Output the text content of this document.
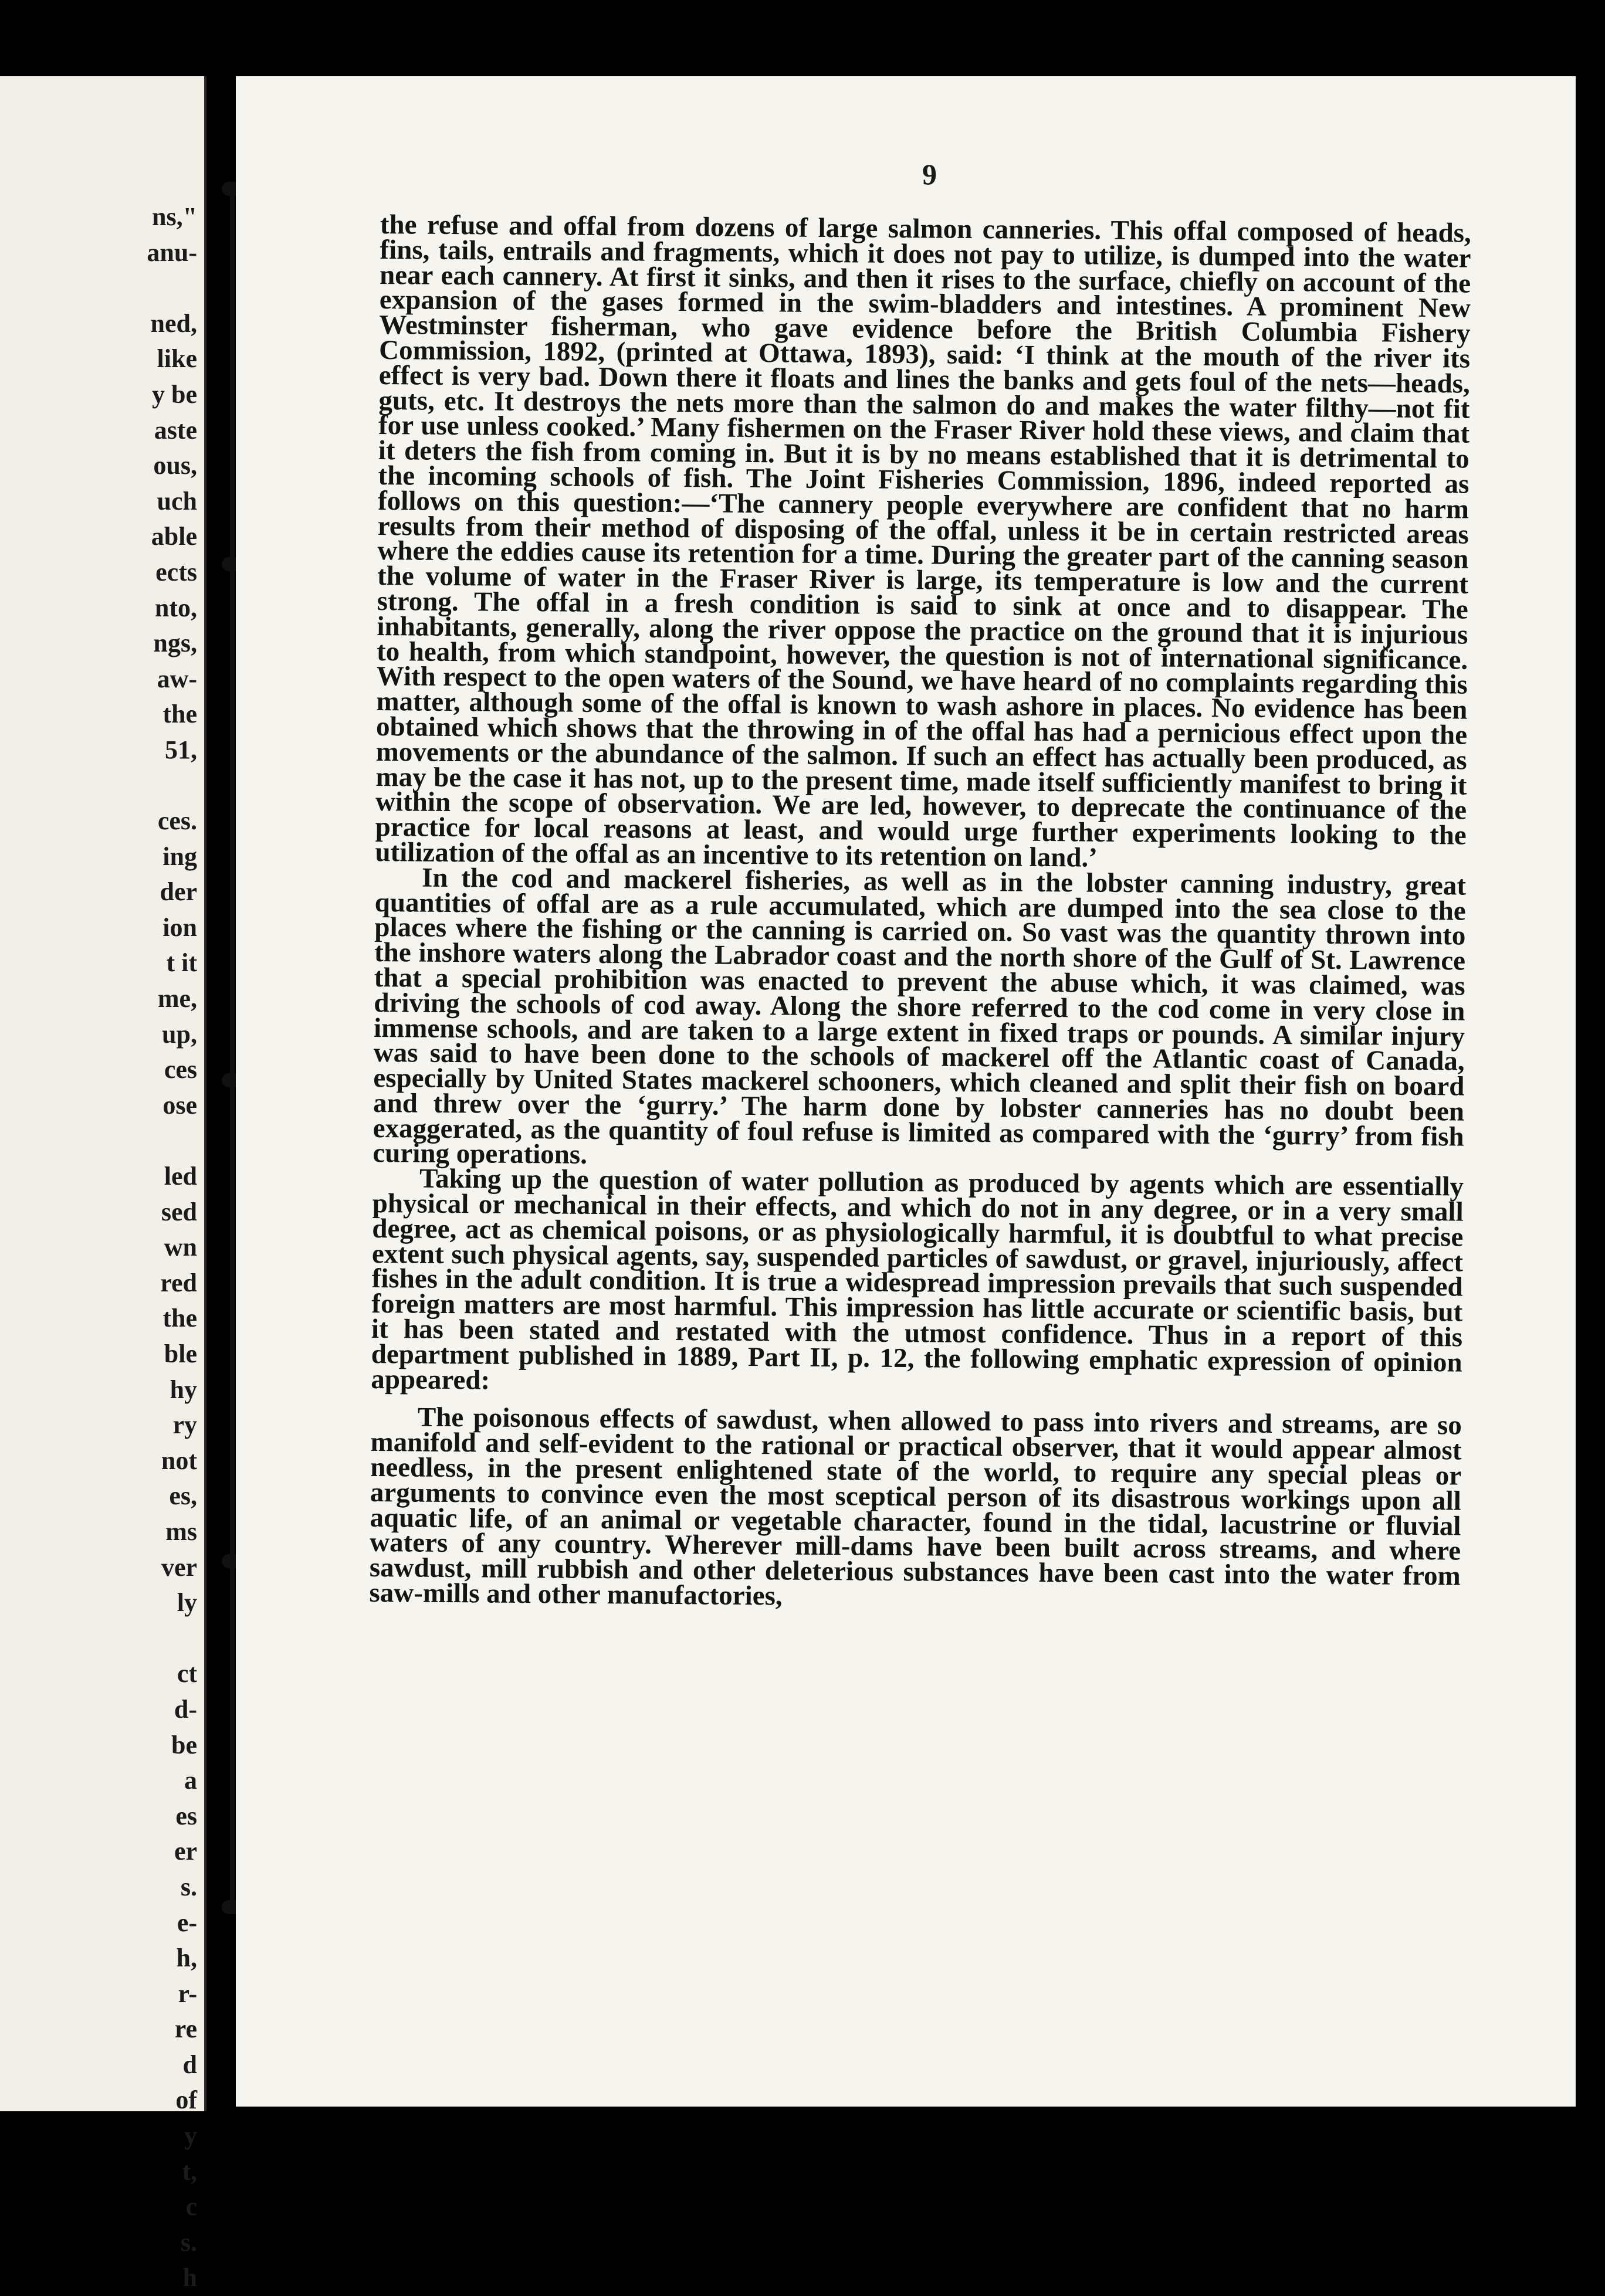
ns,"
anu-
ned,
like
y be
aste
ous,
uch
able
ects
nto,
ngs,
aw-
the
51,
ces.
ing
der
ion
t it
me,
up,
ces
ose
led
sed
wn
red
the
ble
hy
ry
not
es,
ms
ver
ly
ct
d-
be
a
es
er
s.
e-
h,
r-
re
d
of
y
t,
c
s.
h
9

the refuse and offal from dozens of large salmon canneries. This offal composed of heads, fins, tails, entrails and fragments, which it does not pay to utilize, is dumped into the water near each cannery. At first it sinks, and then it rises to the surface, chiefly on account of the expansion of the gases formed in the swim-bladders and intestines. A prominent New Westminster fisherman, who gave evidence before the British Columbia Fishery Commission, 1892, (printed at Ottawa, 1893), said: ‘I think at the mouth of the river its effect is very bad. Down there it floats and lines the banks and gets foul of the nets—heads, guts, etc. It destroys the nets more than the salmon do and makes the water filthy—not fit for use unless cooked.’ Many fishermen on the Fraser River hold these views, and claim that it deters the fish from coming in. But it is by no means established that it is detrimental to the incoming schools of fish. The Joint Fisheries Commission, 1896, indeed reported as follows on this question:—‘The cannery people everywhere are confident that no harm results from their method of disposing of the offal, unless it be in certain restricted areas where the eddies cause its retention for a time. During the greater part of the canning season the volume of water in the Fraser River is large, its temperature is low and the current strong. The offal in a fresh condition is said to sink at once and to disappear. The inhabitants, generally, along the river oppose the practice on the ground that it is injurious to health, from which standpoint, however, the question is not of international significance. With respect to the open waters of the Sound, we have heard of no complaints regarding this matter, although some of the offal is known to wash ashore in places. No evidence has been obtained which shows that the throwing in of the offal has had a pernicious effect upon the movements or the abundance of the salmon. If such an effect has actually been produced, as may be the case it has not, up to the present time, made itself sufficiently manifest to bring it within the scope of observation. We are led, however, to deprecate the continuance of the practice for local reasons at least, and would urge further experiments looking to the utilization of the offal as an incentive to its retention on land.’

In the cod and mackerel fisheries, as well as in the lobster canning industry, great quantities of offal are as a rule accumulated, which are dumped into the sea close to the places where the fishing or the canning is carried on. So vast was the quantity thrown into the inshore waters along the Labrador coast and the north shore of the Gulf of St. Lawrence that a special prohibition was enacted to prevent the abuse which, it was claimed, was driving the schools of cod away. Along the shore referred to the cod come in very close in immense schools, and are taken to a large extent in fixed traps or pounds. A similar injury was said to have been done to the schools of mackerel off the Atlantic coast of Canada, especially by United States mackerel schooners, which cleaned and split their fish on board and threw over the ‘gurry.’ The harm done by lobster canneries has no doubt been exaggerated, as the quantity of foul refuse is limited as compared with the ‘gurry’ from fish curing operations.

Taking up the question of water pollution as produced by agents which are essentially physical or mechanical in their effects, and which do not in any degree, or in a very small degree, act as chemical poisons, or as physiologically harmful, it is doubtful to what precise extent such physical agents, say, suspended particles of sawdust, or gravel, injuriously, affect fishes in the adult condition. It is true a widespread impression prevails that such suspended foreign matters are most harmful. This impression has little accurate or scientific basis, but it has been stated and restated with the utmost confidence. Thus in a report of this department published in 1889, Part II, p. 12, the following emphatic expression of opinion appeared:

The poisonous effects of sawdust, when allowed to pass into rivers and streams, are so manifold and self-evident to the rational or practical observer, that it would appear almost needless, in the present enlightened state of the world, to require any special pleas or arguments to convince even the most sceptical person of its disastrous workings upon all aquatic life, of an animal or vegetable character, found in the tidal, lacustrine or fluvial waters of any country. Wherever mill-dams have been built across streams, and where sawdust, mill rubbish and other deleterious substances have been cast into the water from saw-mills and other manufactories,
